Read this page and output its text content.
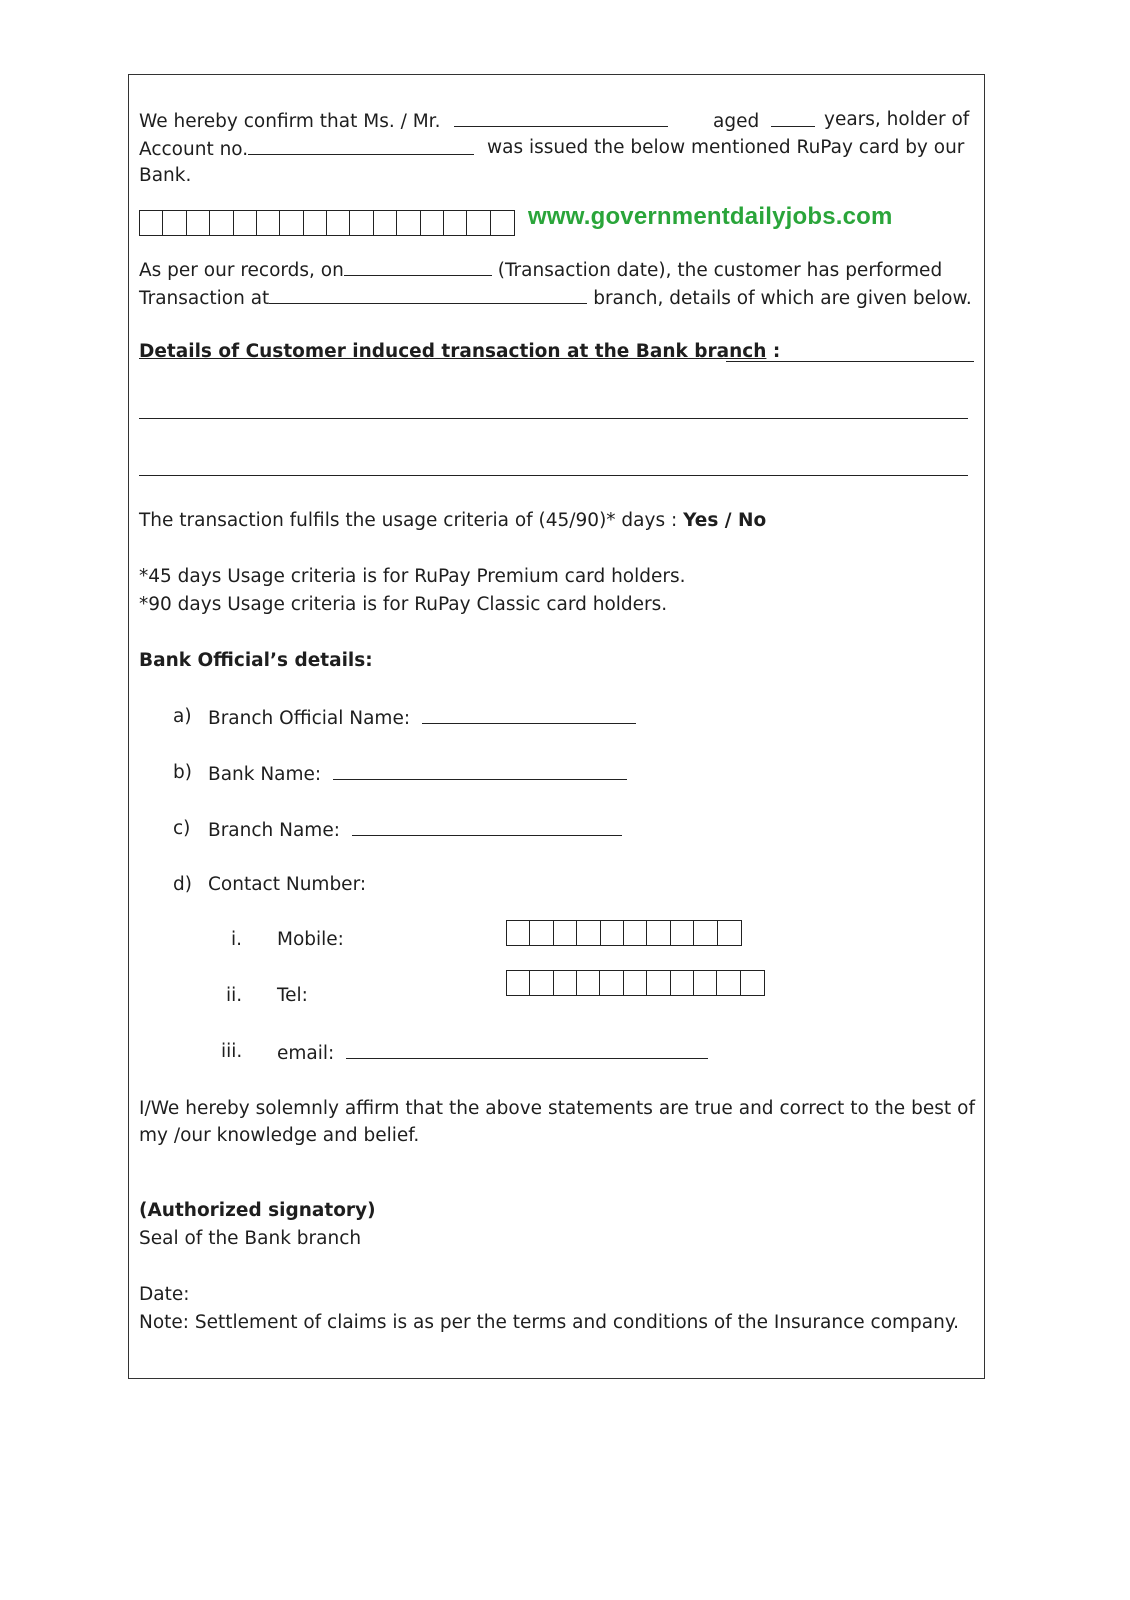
We hereby confirm that Ms. / Mr.	aged	years, holder of
Account no.	was issued the below mentioned RuPay card by our
Bank.
www.governmentdailyjobs.com
As per our records, on	(Transaction date), the customer has performed
Transaction at	branch, details of which are given below.
Details of Customer induced transaction at the Bank branch :
The transaction fulfils the usage criteria of (45/90)* days : Yes / No
*45 days Usage criteria is for RuPay Premium card holders.
*90 days Usage criteria is for RuPay Classic card holders.
Bank Official’s details:
a) Branch Official Name:
b) Bank Name:
c) Branch Name:
d) Contact Number:
i. Mobile:
ii. Tel:
iii. email:
I/We hereby solemnly affirm that the above statements are true and correct to the best of
my /our knowledge and belief.
(Authorized signatory)
Seal of the Bank branch
Date:
Note: Settlement of claims is as per the terms and conditions of the Insurance company.
